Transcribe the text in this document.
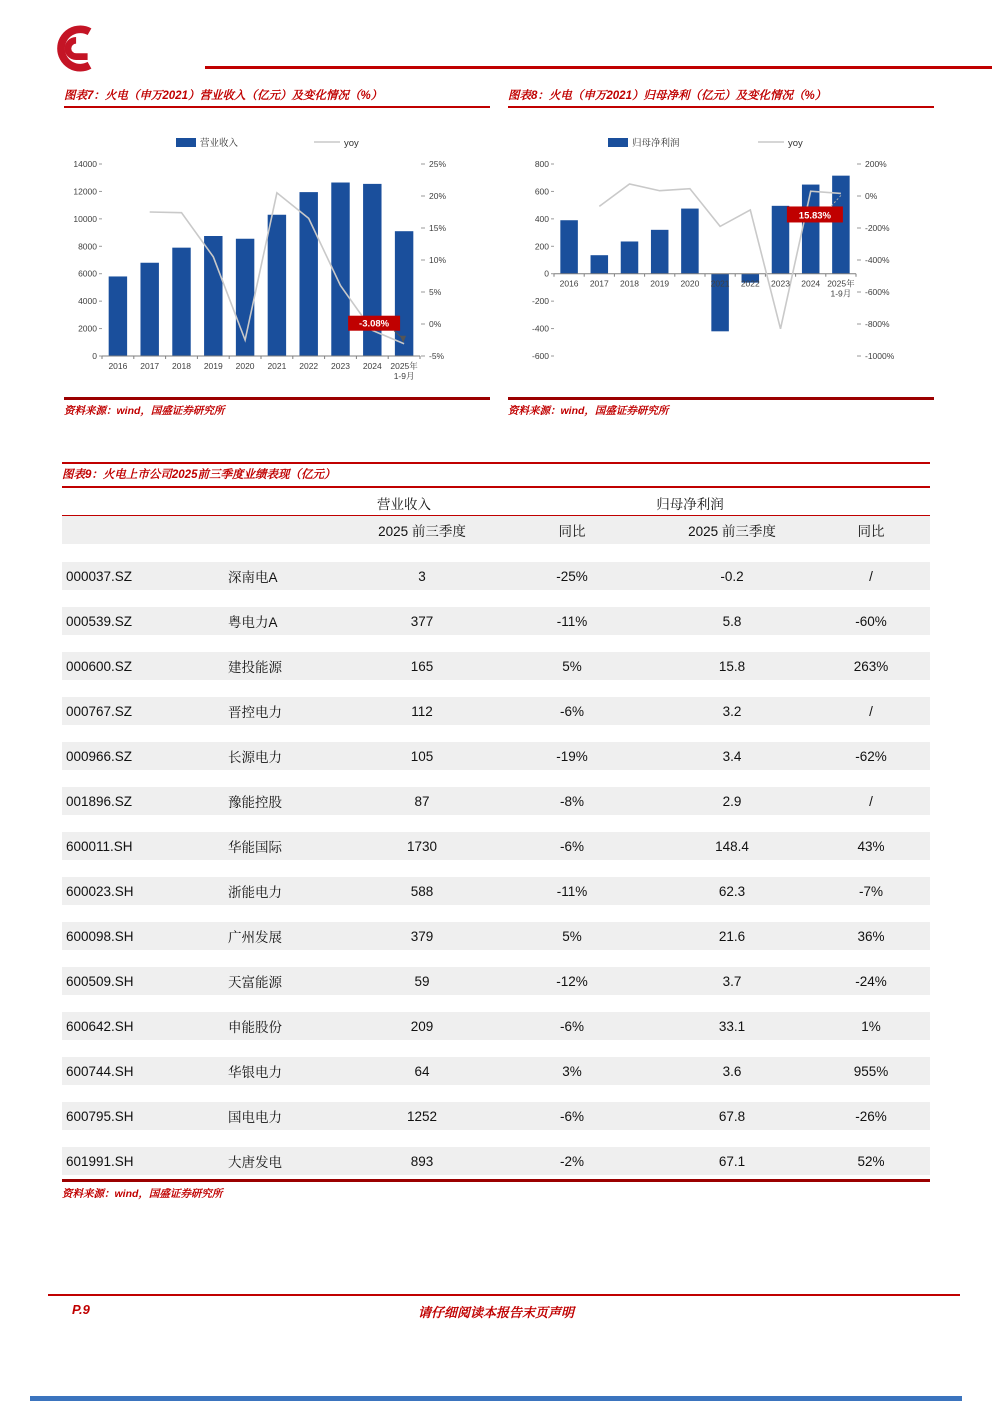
图表7：火电（申万2021）营业收入（亿元）及变化情况（%）
0
2000
4000
6000
8000
10000
12000
14000
-5%
0%
5%
10%
15%
20%
25%
2016 2017 2018 2019 2020 2021 2022 2023 2024 2025年 1-9月
营业收入	yoy
-3.08%
资料来源：wind，国盛证券研究所
图表8：火电（申万2021）归母净利（亿元）及变化情况（%）
-600
-400
-200
0
200
400
600
800
-1000%
-800%
-600%
-400%
-200%
0%
200%
2016 2017 2018 2019 2020 2021 2022 2023 2024 2025年 1-9月
归母净利润	yoy
15.83%
资料来源：wind，国盛证券研究所
图表9：火电上市公司2025前三季度业绩表现（亿元）
营业收入	归母净利润
2025 前三季度	同比	2025 前三季度	同比
000037.SZ	深南电A	3	-25%	-0.2	/
000539.SZ	粤电力A	377	-11%	5.8	-60%
000600.SZ	建投能源	165	5%	15.8	263%
000767.SZ	晋控电力	112	-6%	3.2	/
000966.SZ	长源电力	105	-19%	3.4	-62%
001896.SZ	豫能控股	87	-8%	2.9	/
600011.SH	华能国际	1730	-6%	148.4	43%
600023.SH	浙能电力	588	-11%	62.3	-7%
600098.SH	广州发展	379	5%	21.6	36%
600509.SH	天富能源	59	-12%	3.7	-24%
600642.SH	申能股份	209	-6%	33.1	1%
600744.SH	华银电力	64	3%	3.6	955%
600795.SH	国电电力	1252	-6%	67.8	-26%
601991.SH	大唐发电	893	-2%	67.1	52%
资料来源：wind，国盛证券研究所
P.9	请仔细阅读本报告末页声明
